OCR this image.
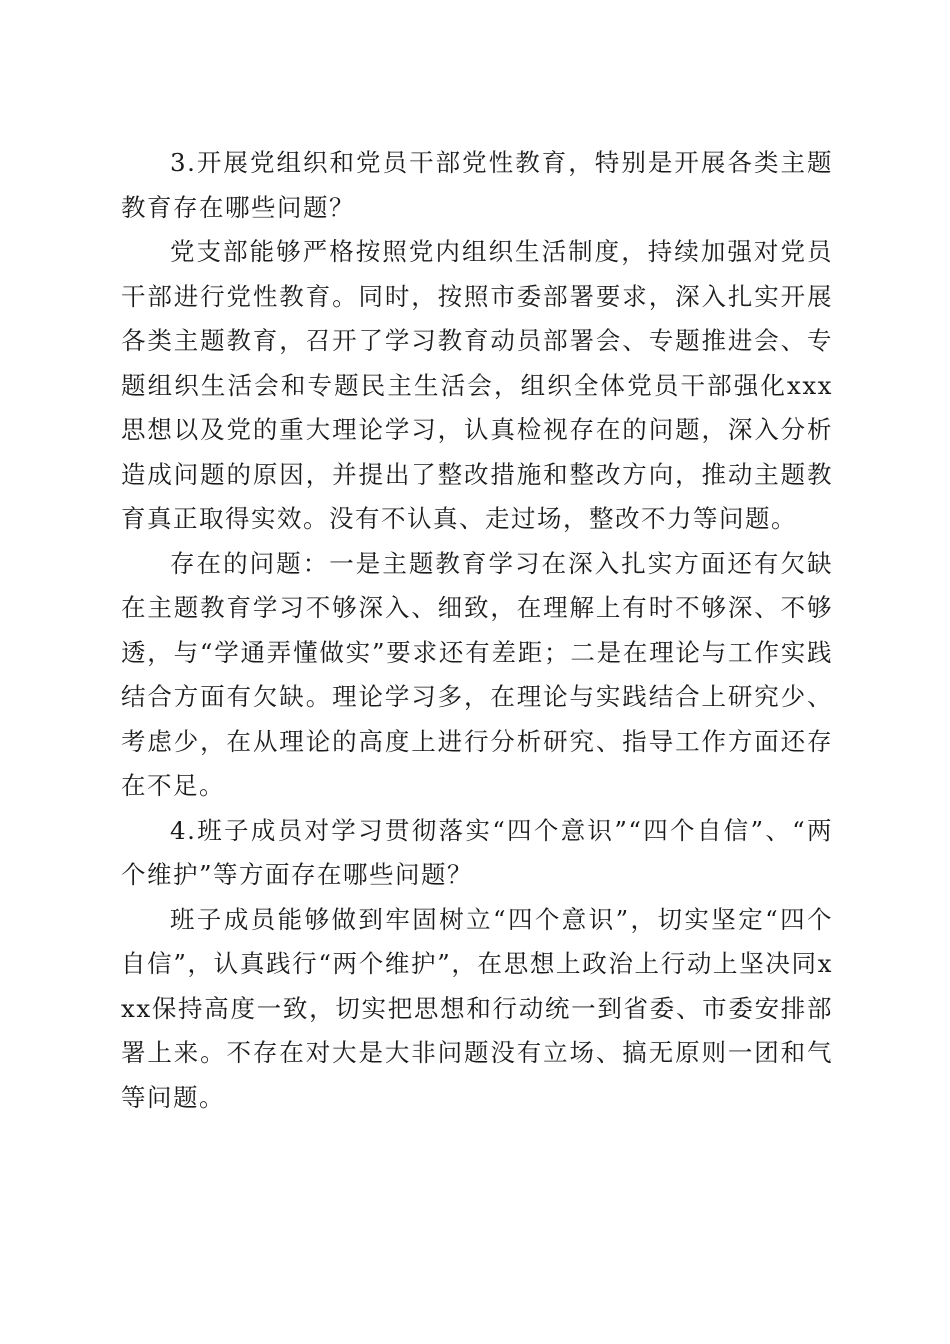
3.开展党组织和党员干部党性教育，特别是开展各类主题教育存在哪些问题？

党支部能够严格按照党内组织生活制度，持续加强对党员干部进行党性教育。同时，按照市委部署要求，深入扎实开展各类主题教育，召开了学习教育动员部署会、专题推进会、专题组织生活会和专题民主生活会，组织全体党员干部强化xxx思想以及党的重大理论学习，认真检视存在的问题，深入分析造成问题的原因，并提出了整改措施和整改方向，推动主题教育真正取得实效。没有不认真、走过场，整改不力等问题。

存在的问题：一是主题教育学习在深入扎实方面还有欠缺在主题教育学习不够深入、细致，在理解上有时不够深、不够透，与“学通弄懂做实”要求还有差距；二是在理论与工作实践结合方面有欠缺。理论学习多，在理论与实践结合上研究少、考虑少，在从理论的高度上进行分析研究、指导工作方面还存在不足。

4.班子成员对学习贯彻落实“四个意识”“四个自信”、“两个维护”等方面存在哪些问题？

班子成员能够做到牢固树立“四个意识”，切实坚定“四个自信”，认真践行“两个维护”，在思想上政治上行动上坚决同xxx保持高度一致，切实把思想和行动统一到省委、市委安排部署上来。不存在对大是大非问题没有立场、搞无原则一团和气等问题。
